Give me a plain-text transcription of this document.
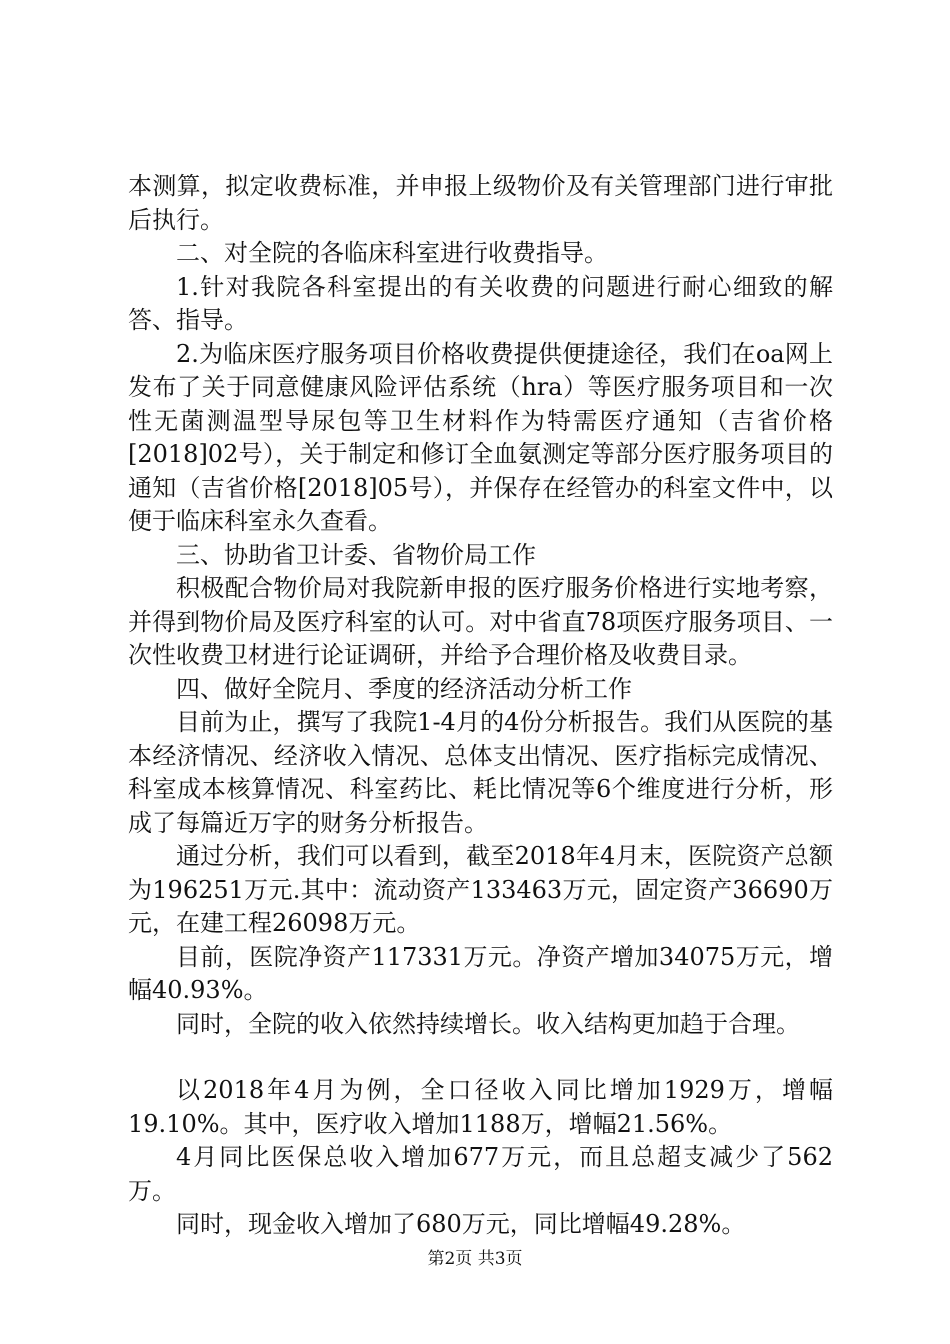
本测算，拟定收费标准，并申报上级物价及有关管理部门进行审批后执行。

二、对全院的各临床科室进行收费指导。

1.针对我院各科室提出的有关收费的问题进行耐心细致的解答、指导。

2.为临床医疗服务项目价格收费提供便捷途径，我们在oa网上发布了关于同意健康风险评估系统（hra）等医疗服务项目和一次性无菌测温型导尿包等卫生材料作为特需医疗通知（吉省价格[2018]02号），关于制定和修订全血氨测定等部分医疗服务项目的通知（吉省价格[2018]05号），并保存在经管办的科室文件中，以便于临床科室永久查看。

三、协助省卫计委、省物价局工作

积极配合物价局对我院新申报的医疗服务价格进行实地考察，并得到物价局及医疗科室的认可。对中省直78项医疗服务项目、一次性收费卫材进行论证调研，并给予合理价格及收费目录。

四、做好全院月、季度的经济活动分析工作

目前为止，撰写了我院1-4月的4份分析报告。我们从医院的基本经济情况、经济收入情况、总体支出情况、医疗指标完成情况、科室成本核算情况、科室药比、耗比情况等6个维度进行分析，形成了每篇近万字的财务分析报告。

通过分析，我们可以看到，截至2018年4月末，医院资产总额为196251万元.其中：流动资产133463万元，固定资产36690万元，在建工程26098万元。

目前，医院净资产117331万元。净资产增加34075万元，增幅40.93%。

同时，全院的收入依然持续增长。收入结构更加趋于合理。

以2018年4月为例，全口径收入同比增加1929万，增幅19.10%。其中，医疗收入增加1188万，增幅21.56%。

4月同比医保总收入增加677万元，而且总超支减少了562万。

同时，现金收入增加了680万元，同比增幅49.28%。

第2页 共3页
